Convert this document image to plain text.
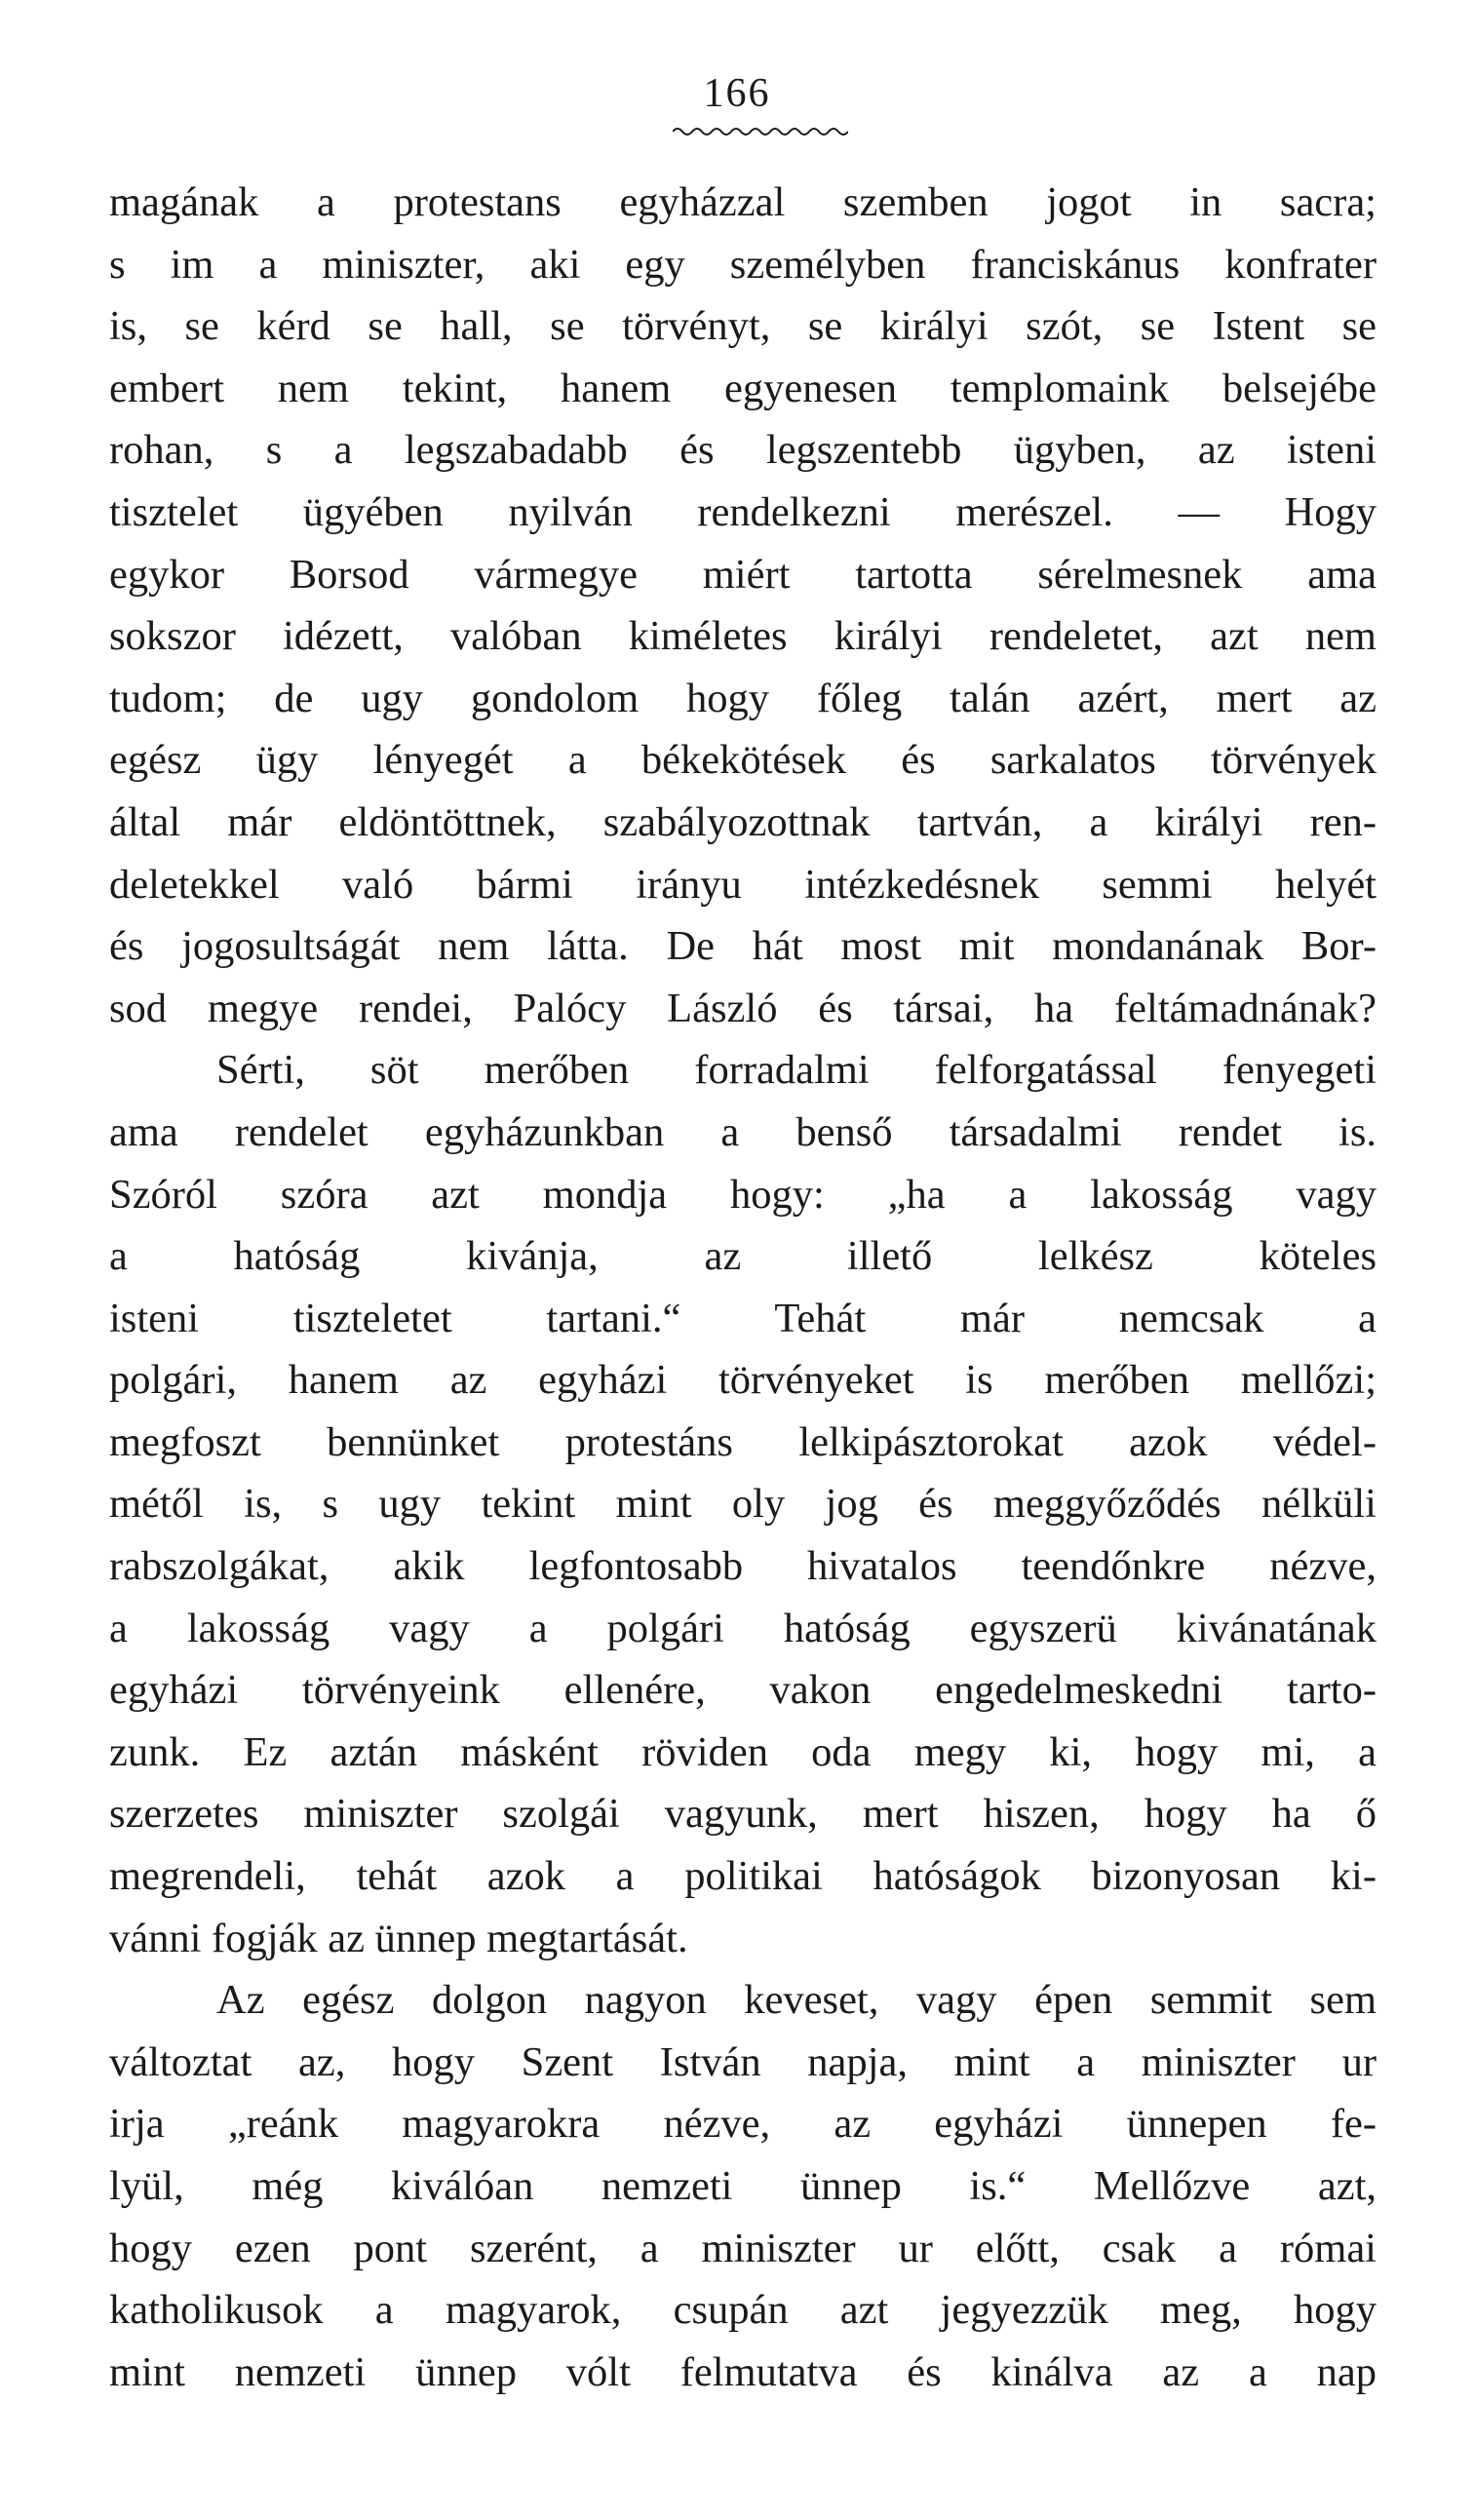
166
magának a protestans egyházzal szemben jogot in sacra;
s im a miniszter, aki egy személyben franciskánus konfrater
is, se kérd se hall, se törvényt, se királyi szót, se Istent se
embert nem tekint, hanem egyenesen templomaink belsejébe
rohan, s a legszabadabb és legszentebb ügyben, az isteni
tisztelet ügyében nyilván rendelkezni merészel. — Hogy
egykor Borsod vármegye miért tartotta sérelmesnek ama
sokszor idézett, valóban kiméletes királyi rendeletet, azt nem
tudom; de ugy gondolom hogy főleg talán azért, mert az
egész ügy lényegét a békekötések és sarkalatos törvények
által már eldöntöttnek, szabályozottnak tartván, a királyi ren-
deletekkel való bármi irányu intézkedésnek semmi helyét
és jogosultságát nem látta. De hát most mit mondanának Bor-
sod megye rendei, Palócy László és társai, ha feltámadnának?
Sérti, söt merőben forradalmi felforgatással fenyegeti
ama rendelet egyházunkban a benső társadalmi rendet is.
Szóról szóra azt mondja hogy: „ha a lakosság vagy
a hatóság kivánja, az illető lelkész köteles
isteni tiszteletet tartani.“ Tehát már nemcsak a
polgári, hanem az egyházi törvényeket is merőben mellőzi;
megfoszt bennünket protestáns lelkipásztorokat azok védel-
métől is, s ugy tekint mint oly jog és meggyőződés nélküli
rabszolgákat, akik legfontosabb hivatalos teendőnkre nézve,
a lakosság vagy a polgári hatóság egyszerü kivánatának
egyházi törvényeink ellenére, vakon engedelmeskedni tarto-
zunk. Ez aztán másként röviden oda megy ki, hogy mi, a
szerzetes miniszter szolgái vagyunk, mert hiszen, hogy ha ő
megrendeli, tehát azok a politikai hatóságok bizonyosan ki-
vánni fogják az ünnep megtartását.
Az egész dolgon nagyon keveset, vagy épen semmit sem
változtat az, hogy Szent István napja, mint a miniszter ur
irja „reánk magyarokra nézve, az egyházi ünnepen fe-
lyül, még kiválóan nemzeti ünnep is.“ Mellőzve azt,
hogy ezen pont szerént, a miniszter ur előtt, csak a római
katholikusok a magyarok, csupán azt jegyezzük meg, hogy
mint nemzeti ünnep vólt felmutatva és kinálva az a nap
